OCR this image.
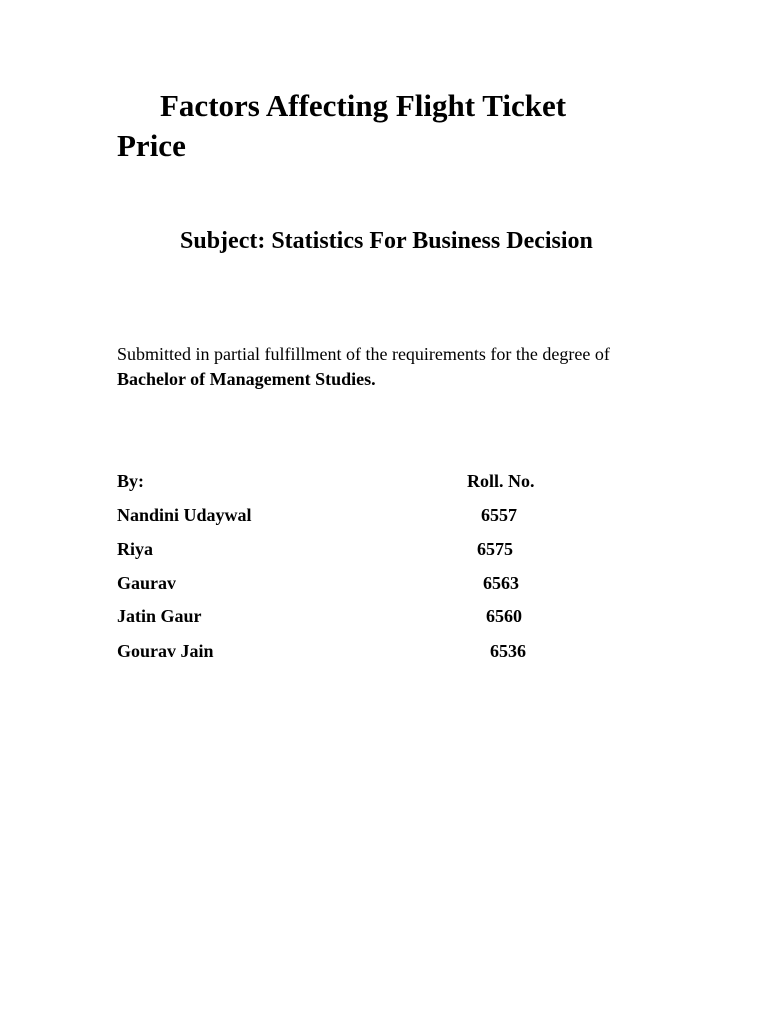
Factors Affecting Flight Ticket Price
Subject: Statistics For Business Decision

Submitted in partial fulfillment of the requirements for the degree of Bachelor of Management Studies.

By:	Roll. No.
Nandini Udaywal	6557
Riya	6575
Gaurav	6563
Jatin Gaur	6560
Gourav Jain	6536
